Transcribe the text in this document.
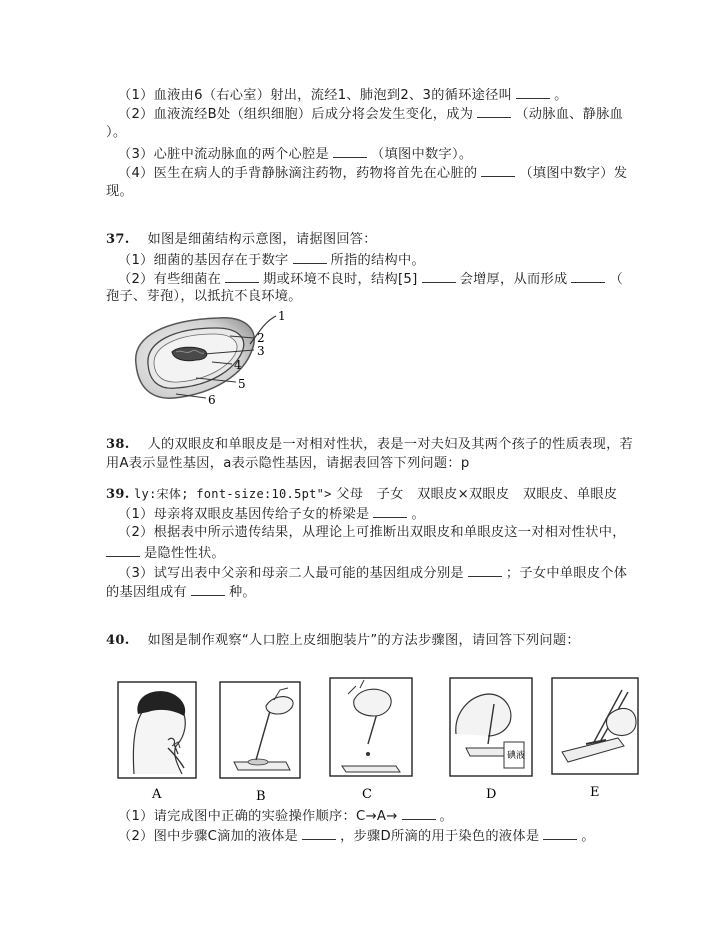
（1）血液由6（右心室）射出，流经1、肺泡到2、3的循环途径叫	。
（2）血液流经B处（组织细胞）后成分将会发生变化，成为	（动脉血、静脉血
）。
（3）心脏中流动脉血的两个心腔是	（填图中数字）。
（4）医生在病人的手背静脉滴注药物，药物将首先在心脏的	（填图中数字）发
现。
37. 如图是细菌结构示意图，请据图回答：
（1）细菌的基因存在于数字	所指的结构中。
（2）有些细菌在	期或环境不良时，结构[5]	会增厚，从而形成	（
孢子、芽孢），以抵抗不良环境。
1
2
3
4
5
6
38. 人的双眼皮和单眼皮是一对相对性状，表是一对夫妇及其两个孩子的性质表现，若
用A表示显性基因，a表示隐性基因，请据表回答下列问题：p
39. ly:宋体; font-size:10.5pt"> 父母　子女　双眼皮×双眼皮　双眼皮、单眼皮
（1）母亲将双眼皮基因传给子女的桥梁是	。
（2）根据表中所示遗传结果，从理论上可推断出双眼皮和单眼皮这一对相对性状中，
是隐性性状。
（3）试写出表中父亲和母亲二人最可能的基因组成分别是	；子女中单眼皮个体
的基因组成有	种。
40. 如图是制作观察“人口腔上皮细胞装片”的方法步骤图，请回答下列问题：
碘液
A	B	C	D	E
（1）请完成图中正确的实验操作顺序：C→A→	。
（2）图中步骤C滴加的液体是	，步骤D所滴的用于染色的液体是	。
